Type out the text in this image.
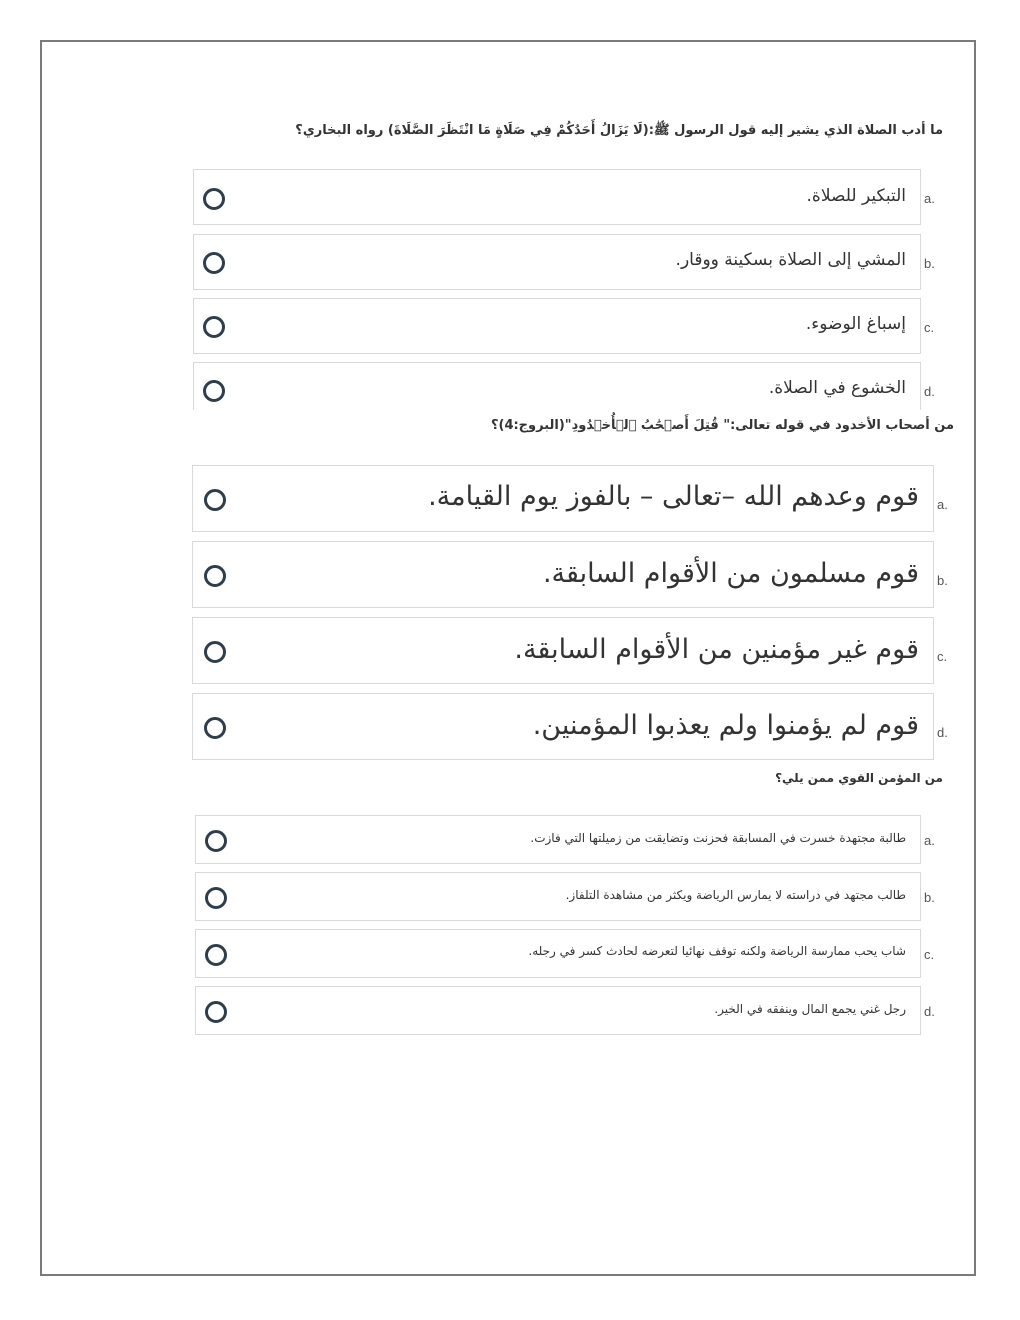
ما أدب الصلاة الذي يشير إليه قول الرسول ﷺ:(لَا يَزَالُ أَحَدُكُمْ فِي صَلَاةٍ مَا انْتَظَرَ الصَّلَاةَ) رواه البخاري؟
التبكير للصلاة. a.
المشي إلى الصلاة بسكينة ووقار. b.
إسباغ الوضوء. c.
الخشوع في الصلاة. d.
من أصحاب الأخدود في قوله تعالى:" قُتِلَ أَصۡحَٰبُ ٱلۡأُخۡدُودِ"(البروج:4)؟
قوم وعدهم الله –تعالى – بالفوز يوم القيامة. a.
قوم مسلمون من الأقوام السابقة. b.
قوم غير مؤمنين من الأقوام السابقة. c.
قوم لم يؤمنوا ولم يعذبوا المؤمنين. d.
من المؤمن القوي ممن يلي؟
طالبة مجتهدة خسرت في المسابقة فحزنت وتضايقت من زميلتها التي فازت. a.
طالب مجتهد في دراسته لا يمارس الرياضة ويكثر من مشاهدة التلفاز. b.
شاب يحب ممارسة الرياضة ولكنه توقف نهائيا لتعرضه لحادث كسر في رجله. c.
رجل غني يجمع المال وينفقه في الخير. d.
